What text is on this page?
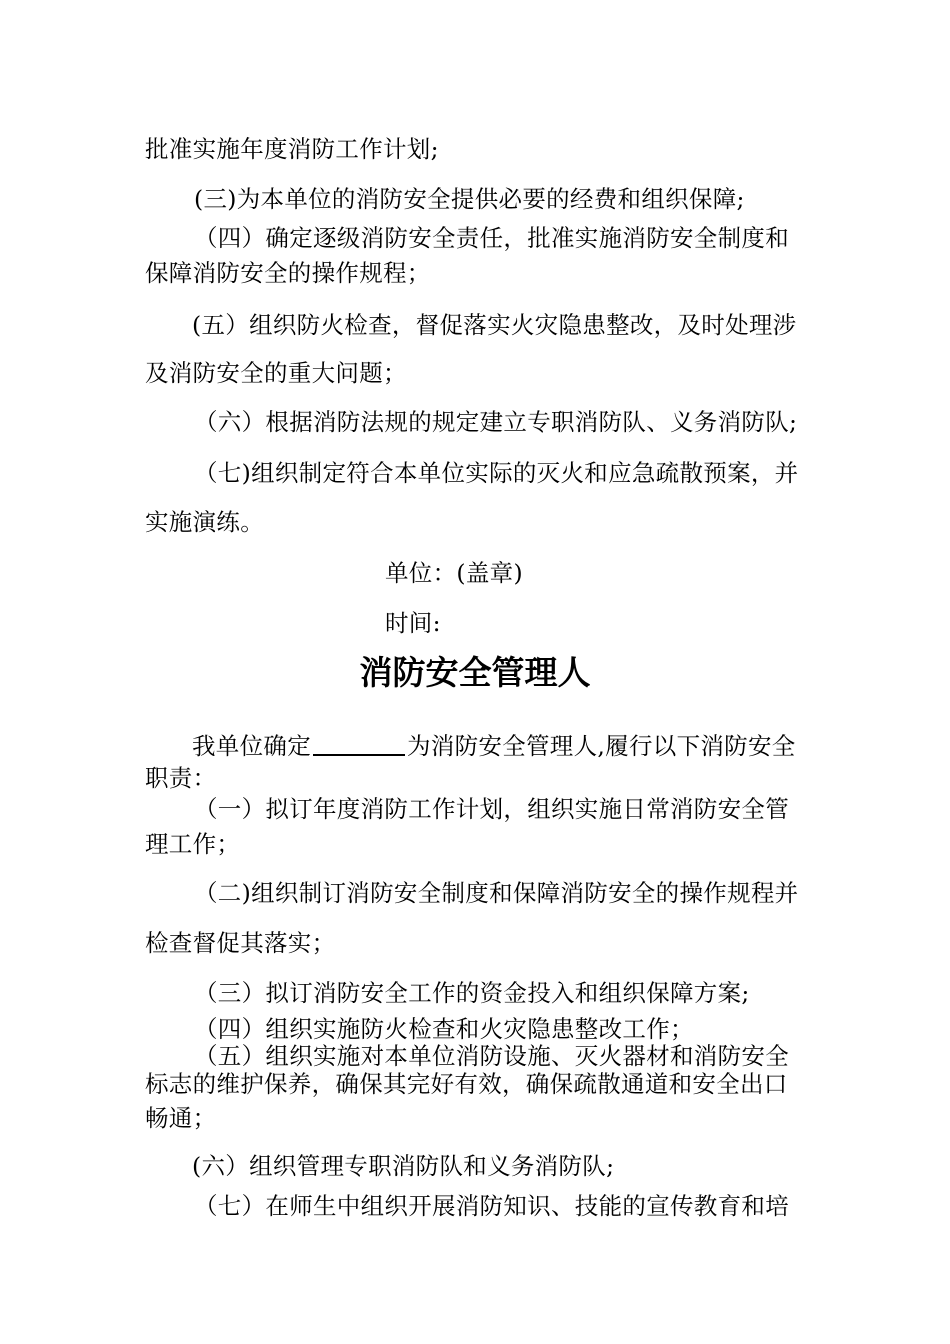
批准实施年度消防工作计划;
(三)为本单位的消防安全提供必要的经费和组织保障;
（四）确定逐级消防安全责任，批准实施消防安全制度和
保障消防安全的操作规程；
(五）组织防火检查，督促落实火灾隐患整改，及时处理涉
及消防安全的重大问题；
（六）根据消防法规的规定建立专职消防队、义务消防队;
（七)组织制定符合本单位实际的灭火和应急疏散预案，并
实施演练。
单位：(盖章)
时间:
消防安全管理人
我单位确定	为消防安全管理人,履行以下消防安全
职责：
（一）拟订年度消防工作计划，组织实施日常消防安全管
理工作；
（二)组织制订消防安全制度和保障消防安全的操作规程并
检查督促其落实；
（三）拟订消防安全工作的资金投入和组织保障方案;
（四）组织实施防火检查和火灾隐患整改工作；
（五）组织实施对本单位消防设施、灭火器材和消防安全
标志的维护保养，确保其完好有效，确保疏散通道和安全出口
畅通；
(六）组织管理专职消防队和义务消防队;
（七）在师生中组织开展消防知识、技能的宣传教育和培
